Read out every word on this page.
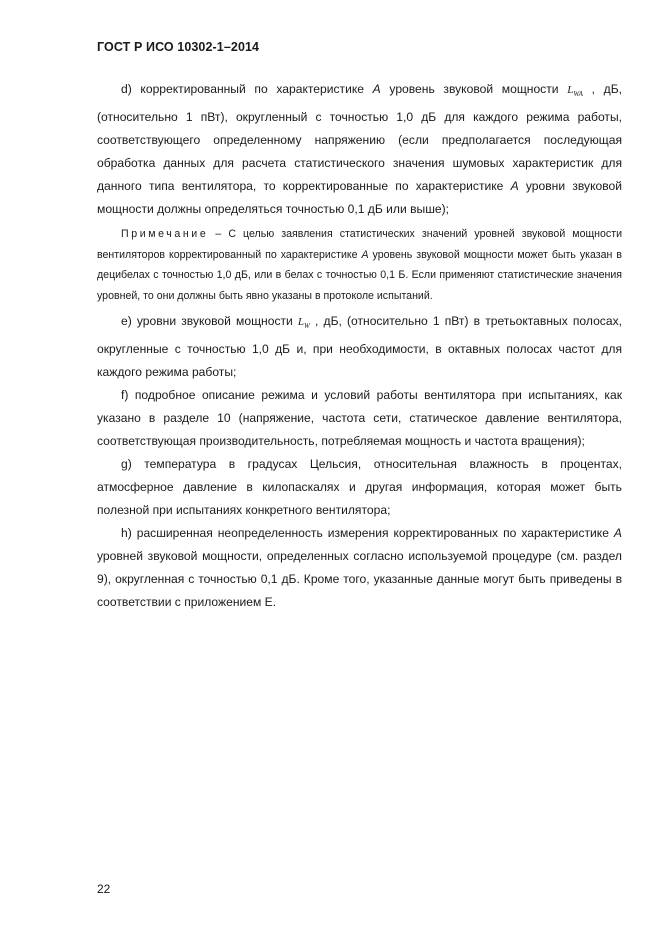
ГОСТ Р ИСО 10302-1–2014

d) корректированный по характеристике А уровень звуковой мощности $L_{WA}$ , дБ, (относительно 1 пВт), округленный с точностью 1,0 дБ для каждого режима работы, соответствующего определенному напряжению (если предполагается последующая обработка данных для расчета статистического значения шумовых характеристик для данного типа вентилятора, то корректированные по характеристике А уровни звуковой мощности должны определяться точностью 0,1 дБ или выше);

Примечание – С целью заявления статистических значений уровней звуковой мощности вентиляторов корректированный по характеристике А уровень звуковой мощности может быть указан в децибелах с точностью 1,0 дБ, или в белах с точностью 0,1 Б. Если применяют статистические значения уровней, то они должны быть явно указаны в протоколе испытаний.

e) уровни звуковой мощности $L_W$ , дБ, (относительно 1 пВт) в третьоктавных полосах, округленные с точностью 1,0 дБ и, при необходимости, в октавных полосах частот для каждого режима работы;

f) подробное описание режима и условий работы вентилятора при испытаниях, как указано в разделе 10 (напряжение, частота сети, статическое давление вентилятора, соответствующая производительность, потребляемая мощность и частота вращения);

g) температура в градусах Цельсия, относительная влажность в процентах, атмосферное давление в килопаскалях и другая информация, которая может быть полезной при испытаниях конкретного вентилятора;

h) расширенная неопределенность измерения корректированных по характеристике А уровней звуковой мощности, определенных согласно используемой процедуре (см. раздел 9), округленная с точностью 0,1 дБ. Кроме того, указанные данные могут быть приведены в соответствии с приложением Е.

22
